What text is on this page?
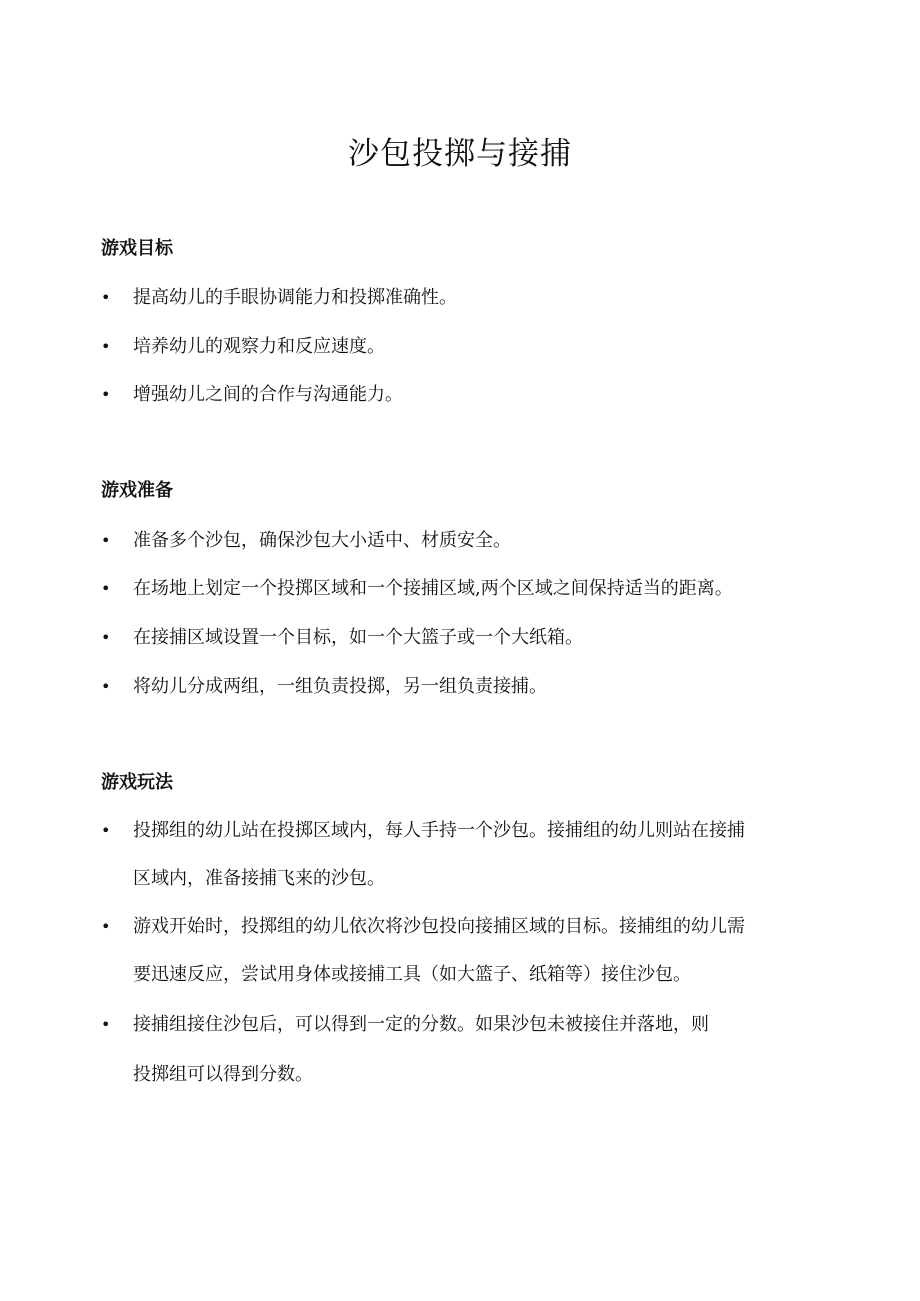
沙包投掷与接捕
游戏目标
• 提高幼儿的手眼协调能力和投掷准确性。
• 培养幼儿的观察力和反应速度。
• 增强幼儿之间的合作与沟通能力。
游戏准备
• 准备多个沙包，确保沙包大小适中、材质安全。
• 在场地上划定一个投掷区域和一个接捕区域,两个区域之间保持适当的距离。
• 在接捕区域设置一个目标，如一个大篮子或一个大纸箱。
• 将幼儿分成两组，一组负责投掷，另一组负责接捕。
游戏玩法
• 投掷组的幼儿站在投掷区域内，每人手持一个沙包。接捕组的幼儿则站在接捕
区域内，准备接捕飞来的沙包。
• 游戏开始时，投掷组的幼儿依次将沙包投向接捕区域的目标。接捕组的幼儿需
要迅速反应，尝试用身体或接捕工具（如大篮子、纸箱等）接住沙包。
• 接捕组接住沙包后，可以得到一定的分数。如果沙包未被接住并落地，则
投掷组可以得到分数。
